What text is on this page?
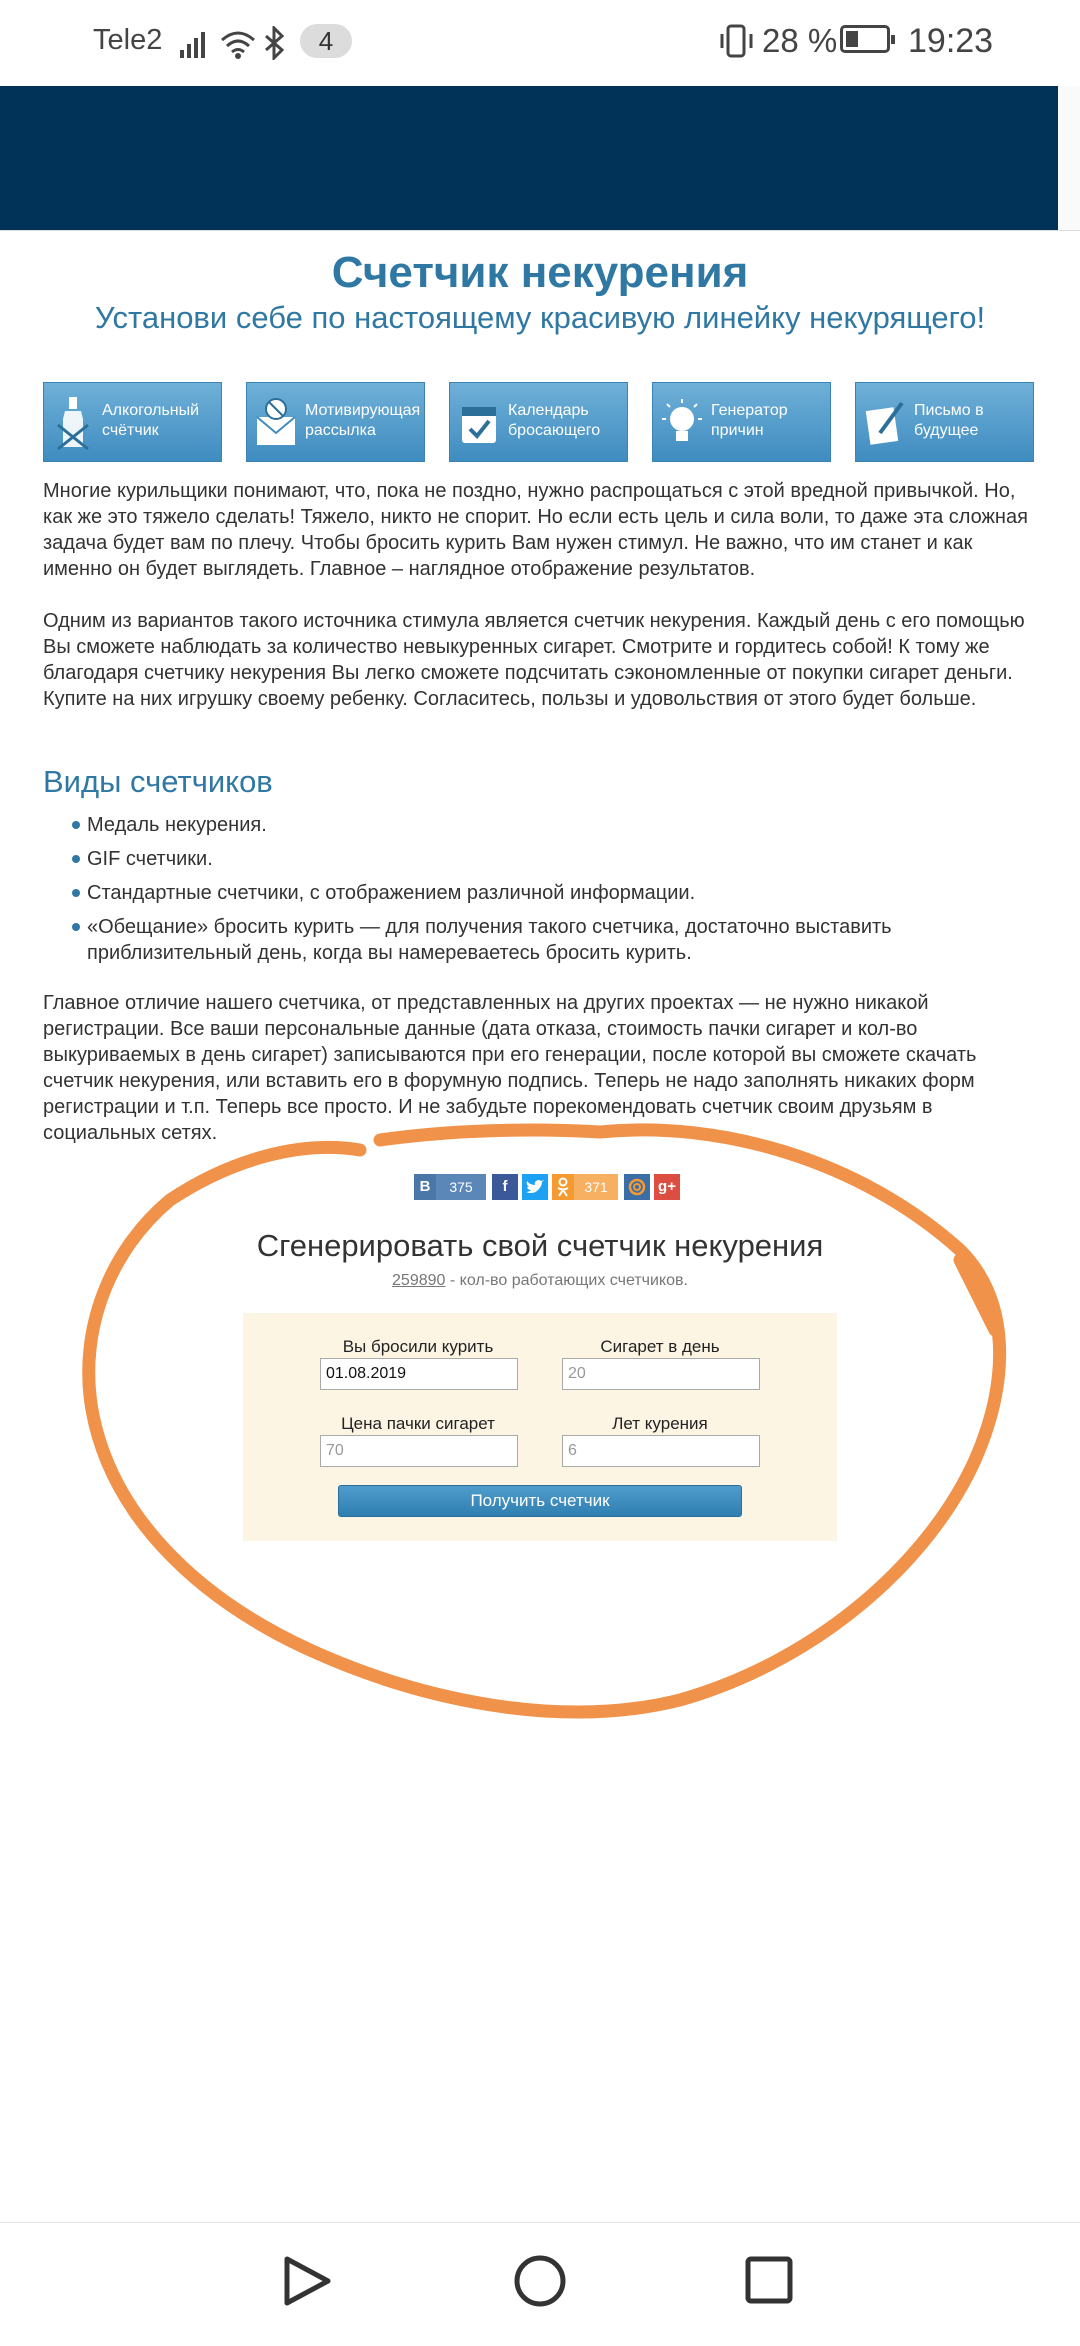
Tele2	4	28 % 19:23
Счетчик некурения
Установи себе по настоящему красивую линейку некурящего!
Алкогольный счётчик
Мотивирующая рассылка
Календарь бросающего
Генератор причин
Письмо в будущее

Многие курильщики понимают, что, пока не поздно, нужно распрощаться с этой вредной привычкой. Но, как же это тяжело сделать! Тяжело, никто не спорит. Но если есть цель и сила воли, то даже эта сложная задача будет вам по плечу. Чтобы бросить курить Вам нужен стимул. Не важно, что им станет и как именно он будет выглядеть. Главное – наглядное отображение результатов.

Одним из вариантов такого источника стимула является счетчик некурения. Каждый день с его помощью Вы сможете наблюдать за количество невыкуренных сигарет. Смотрите и гордитесь собой! К тому же благодаря счетчику некурения Вы легко сможете подсчитать сэкономленные от покупки сигарет деньги. Купите на них игрушку своему ребенку. Согласитесь, пользы и удовольствия от этого будет больше.

Виды счетчиков
Медаль некурения.
GIF счетчики.
Стандартные счетчики, с отображением различной информации.
«Обещание» бросить курить — для получения такого счетчика, достаточно выставить приблизительный день, когда вы намереваетесь бросить курить.

Главное отличие нашего счетчика, от представленных на других проектах — не нужно никакой регистрации. Все ваши персональные данные (дата отказа, стоимость пачки сигарет и кол-во выкуриваемых в день сигарет) записываются при его генерации, после которой вы сможете скачать счетчик некурения, или вставить его в форумную подпись. Теперь не надо заполнять никаких форм регистрации и т.п. Теперь все просто. И не забудьте порекомендовать счетчик своим друзьям в социальных сетях.

B	375	f	371	g+
Сгенерировать свой счетчик некурения
259890 - кол-во работающих счетчиков.
Вы бросили курить
01.08.2019
Сигарет в день
20
Цена пачки сигарет
70
Лет курения
6
Получить счетчик
